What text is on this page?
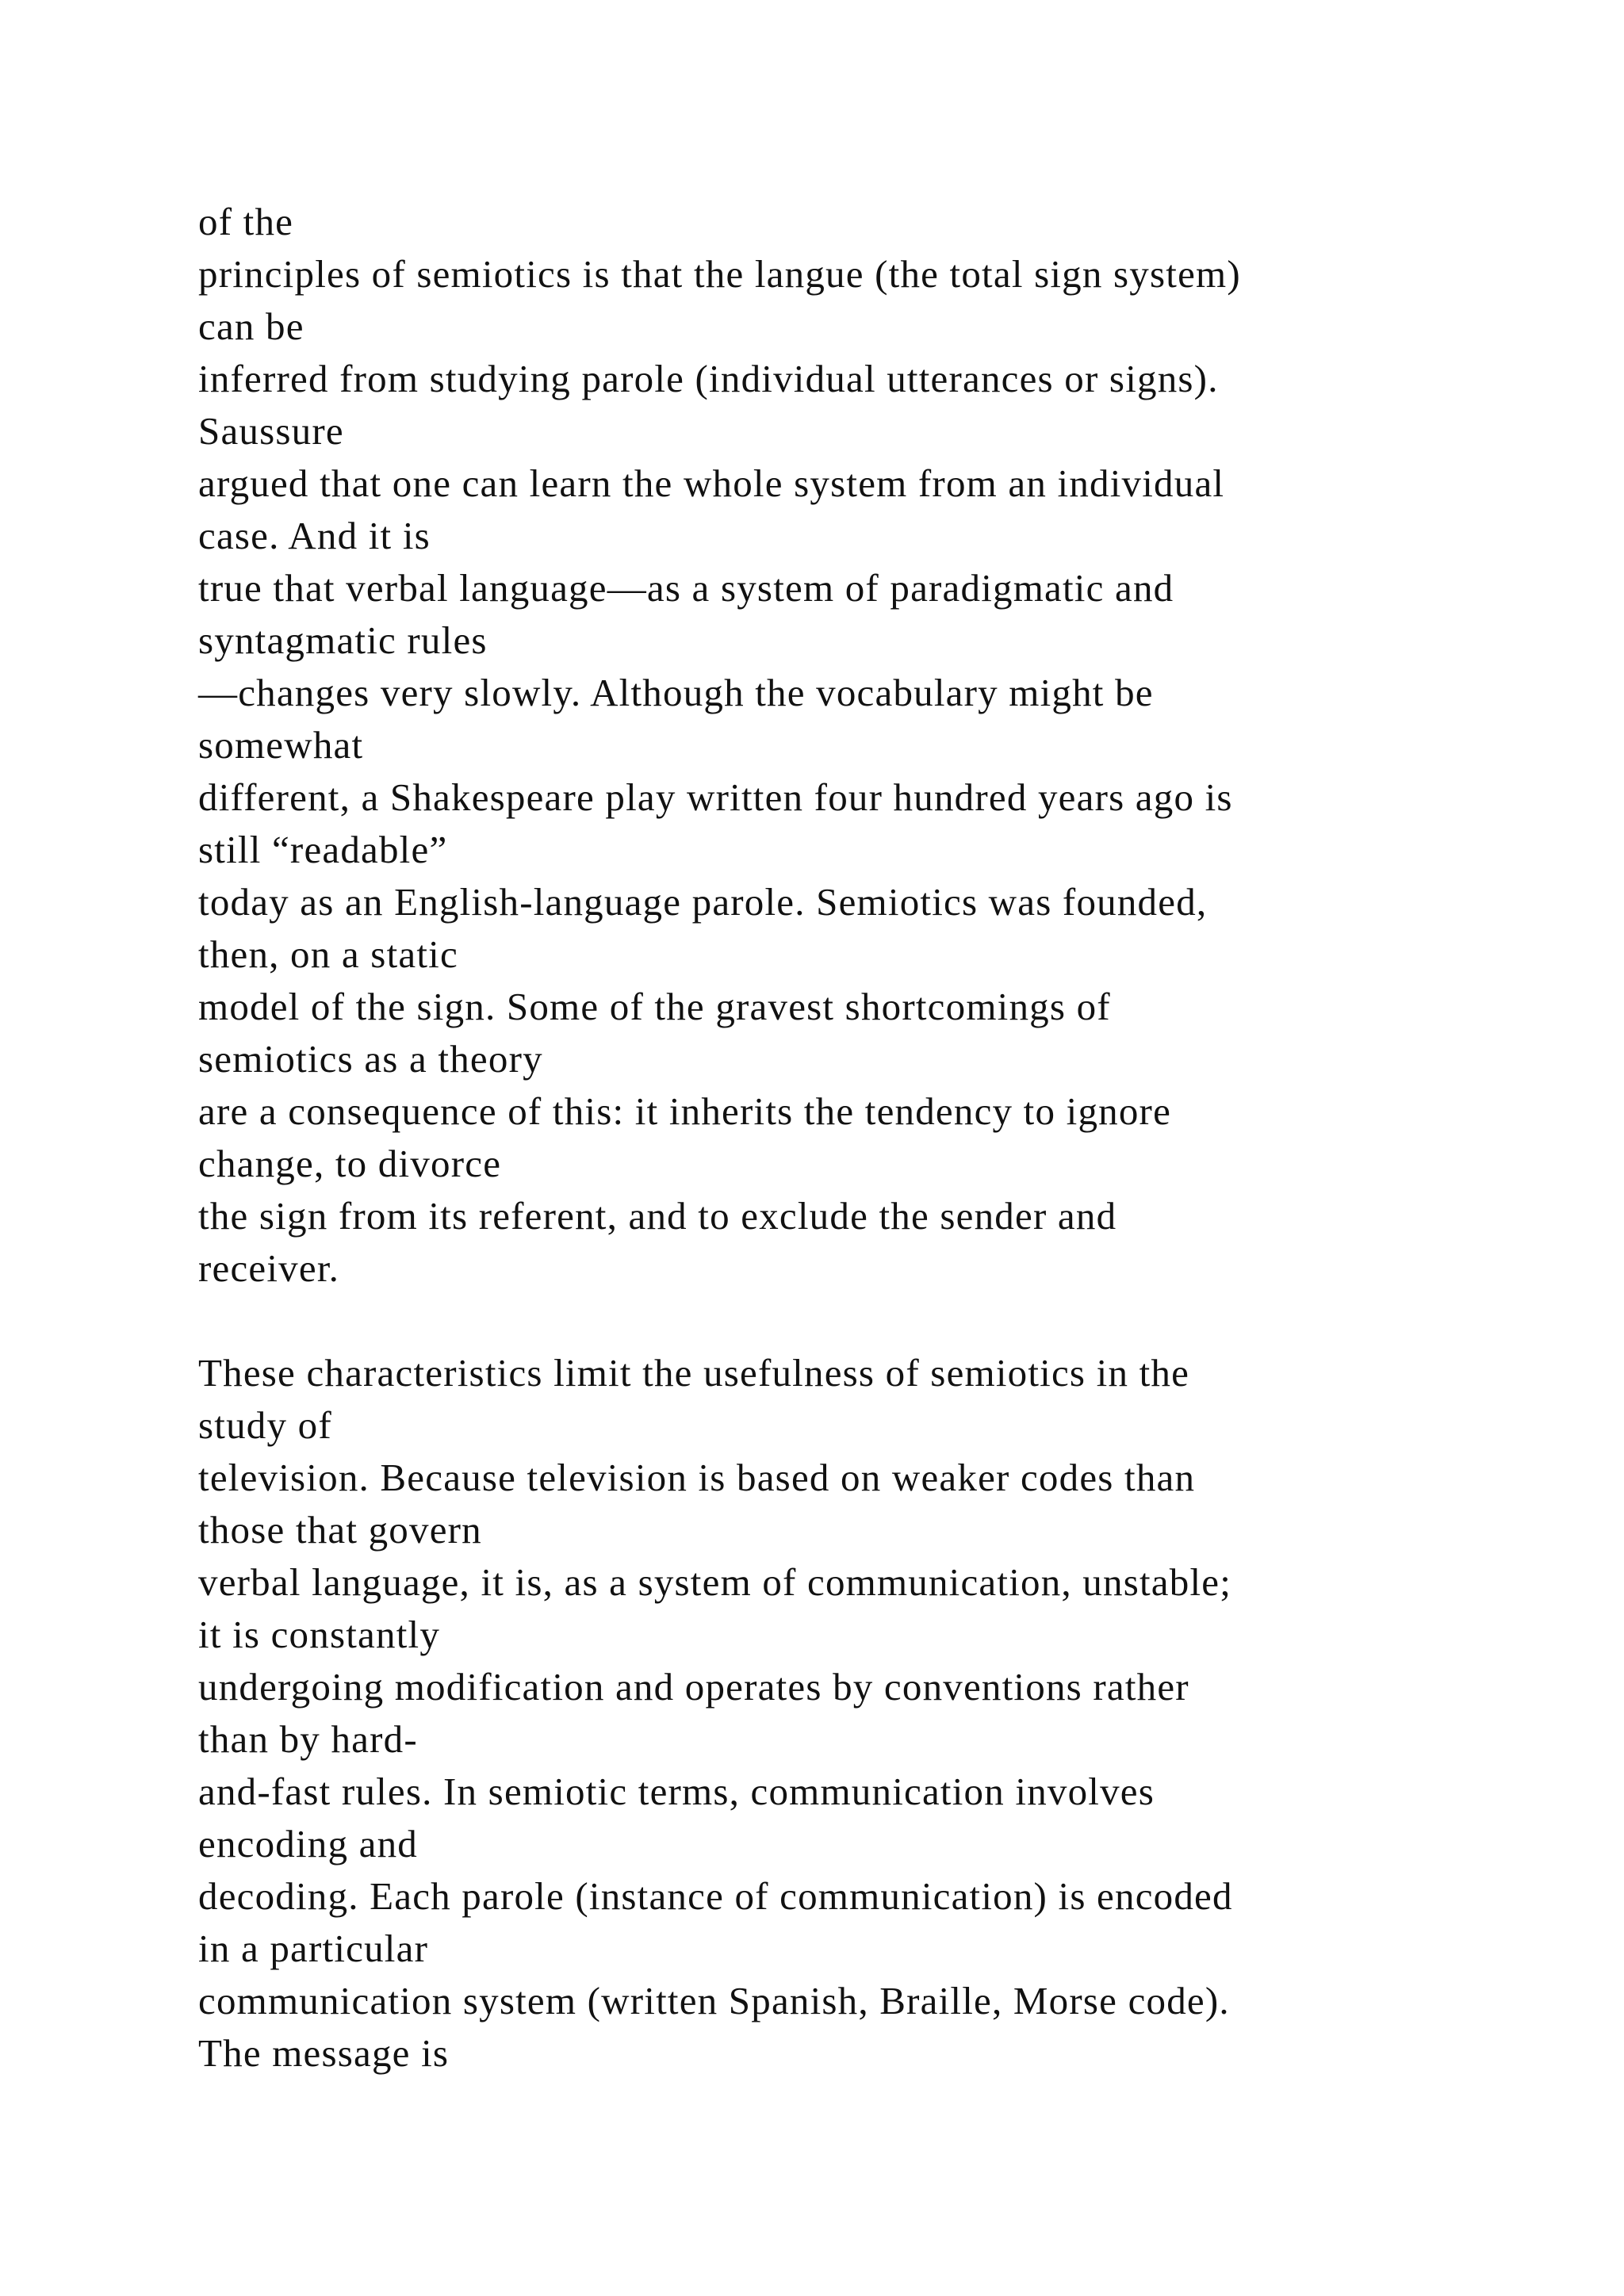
of the
principles of semiotics is that the langue (the total sign system)
can be
inferred from studying parole (individual utterances or signs).
Saussure
argued that one can learn the whole system from an individual
case. And it is
true that verbal language—as a system of paradigmatic and
syntagmatic rules
—changes very slowly. Although the vocabulary might be
somewhat
different, a Shakespeare play written four hundred years ago is
still “readable”
today as an English-language parole. Semiotics was founded,
then, on a static
model of the sign. Some of the gravest shortcomings of
semiotics as a theory
are a consequence of this: it inherits the tendency to ignore
change, to divorce
the sign from its referent, and to exclude the sender and
receiver.
These characteristics limit the usefulness of semiotics in the
study of
television. Because television is based on weaker codes than
those that govern
verbal language, it is, as a system of communication, unstable;
it is constantly
undergoing modification and operates by conventions rather
than by hard-
and-fast rules. In semiotic terms, communication involves
encoding and
decoding. Each parole (instance of communication) is encoded
in a particular
communication system (written Spanish, Braille, Morse code).
The message is
